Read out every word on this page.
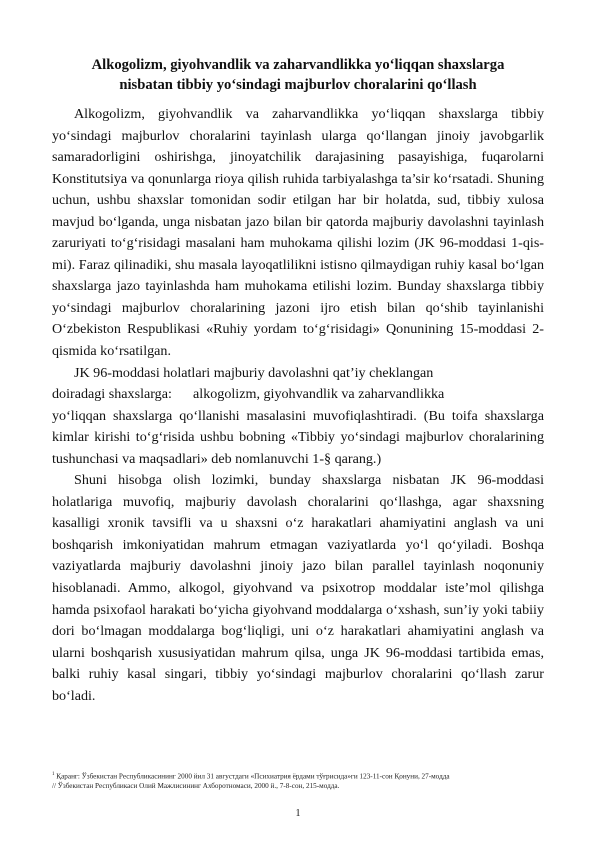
Alkogolizm, giyohvandlik va zaharvandlikka yo‘liqqan shaxslarga
nisbatan tibbiy yo‘sindagi majburlov choralarini qo‘llash

Alkogolizm, giyohvandlik va zaharvandlikka yo‘liqqan shaxslarga tibbiy yo‘sindagi majburlov choralarini tayinlash ularga qo‘llangan jinoiy javobgarlik samaradorligini oshirishga, jinoyatchilik darajasining pasayishiga, fuqarolarni Konstitutsiya va qonunlarga rioya qilish ruhida tarbiyalashga ta’sir ko‘rsatadi. Shuning uchun, ushbu shaxslar tomonidan sodir etilgan har bir holatda, sud, tibbiy xulosa mavjud bo‘lganda, unga nisbatan jazo bilan bir qatorda majburiy davolashni tayinlash zaruriyati to‘g‘risidagi masalani ham muhokama qilishi lozim (JK 96-moddasi 1-qis-mi). Faraz qilinadiki, shu masala layoqatlilikni istisno qilmaydigan ruhiy kasal bo‘lgan shaxslarga jazo tayinlashda ham muhokama etilishi lozim. Bunday shaxslarga tibbiy yo‘sindagi majburlov choralarining jazoni ijro etish bilan qo‘shib tayinlanishi O‘zbekiston Respublikasi «Ruhiy yordam to‘g‘risidagi» Qonunining 15-moddasi 2-qismida ko‘rsatilgan.

JK 96-moddasi holatlari majburiy davolashni qat’iy cheklangan

doiradagi shaxslarga:      alkogolizm, giyohvandlik va zaharvandlikka

yo‘liqqan shaxslarga qo‘llanishi masalasini muvofiqlashtiradi. (Bu toifa shaxslarga kimlar kirishi to‘g‘risida ushbu bobning «Tibbiy yo‘sindagi majburlov choralarining tushunchasi va maqsadlari» deb nomlanuvchi 1-§ qarang.)

Shuni hisobga olish lozimki, bunday shaxslarga nisbatan JK 96-moddasi holatlariga muvofiq, majburiy davolash choralarini qo‘llashga, agar shaxsning kasalligi xronik tavsifli va u shaxsni o‘z harakatlari ahamiyatini anglash va uni boshqarish imkoniyatidan mahrum etmagan vaziyatlarda yo‘l qo‘yiladi. Boshqa vaziyatlarda majburiy davolashni jinoiy jazo bilan parallel tayinlash noqonuniy hisoblanadi. Ammo, alkogol, giyohvand va psixotrop moddalar iste’mol qilishga hamda psixofaol harakati bo‘yicha giyohvand moddalarga o‘xshash, sun’iy yoki tabiiy dori bo‘lmagan moddalarga bog‘liqligi, uni o‘z harakatlari ahamiyatini anglash va ularni boshqarish xususiyatidan mahrum qilsa, unga JK 96-moddasi tartibida emas, balki ruhiy kasal singari, tibbiy yo‘sindagi majburlov choralarini qo‘llash zarur bo‘ladi.

$^1$ Қаранг: Ўзбекистан Республикасининг 2000 йил 31 августдаги «Психиатрия ёрдами тўғрисида»ги 123-11-сон Қонуни, 27-модда
// Ўзбекистан Республикаси Олий Мажлисининг Ахборотномаси, 2000 й., 7-8-сон, 215-модда.
1
